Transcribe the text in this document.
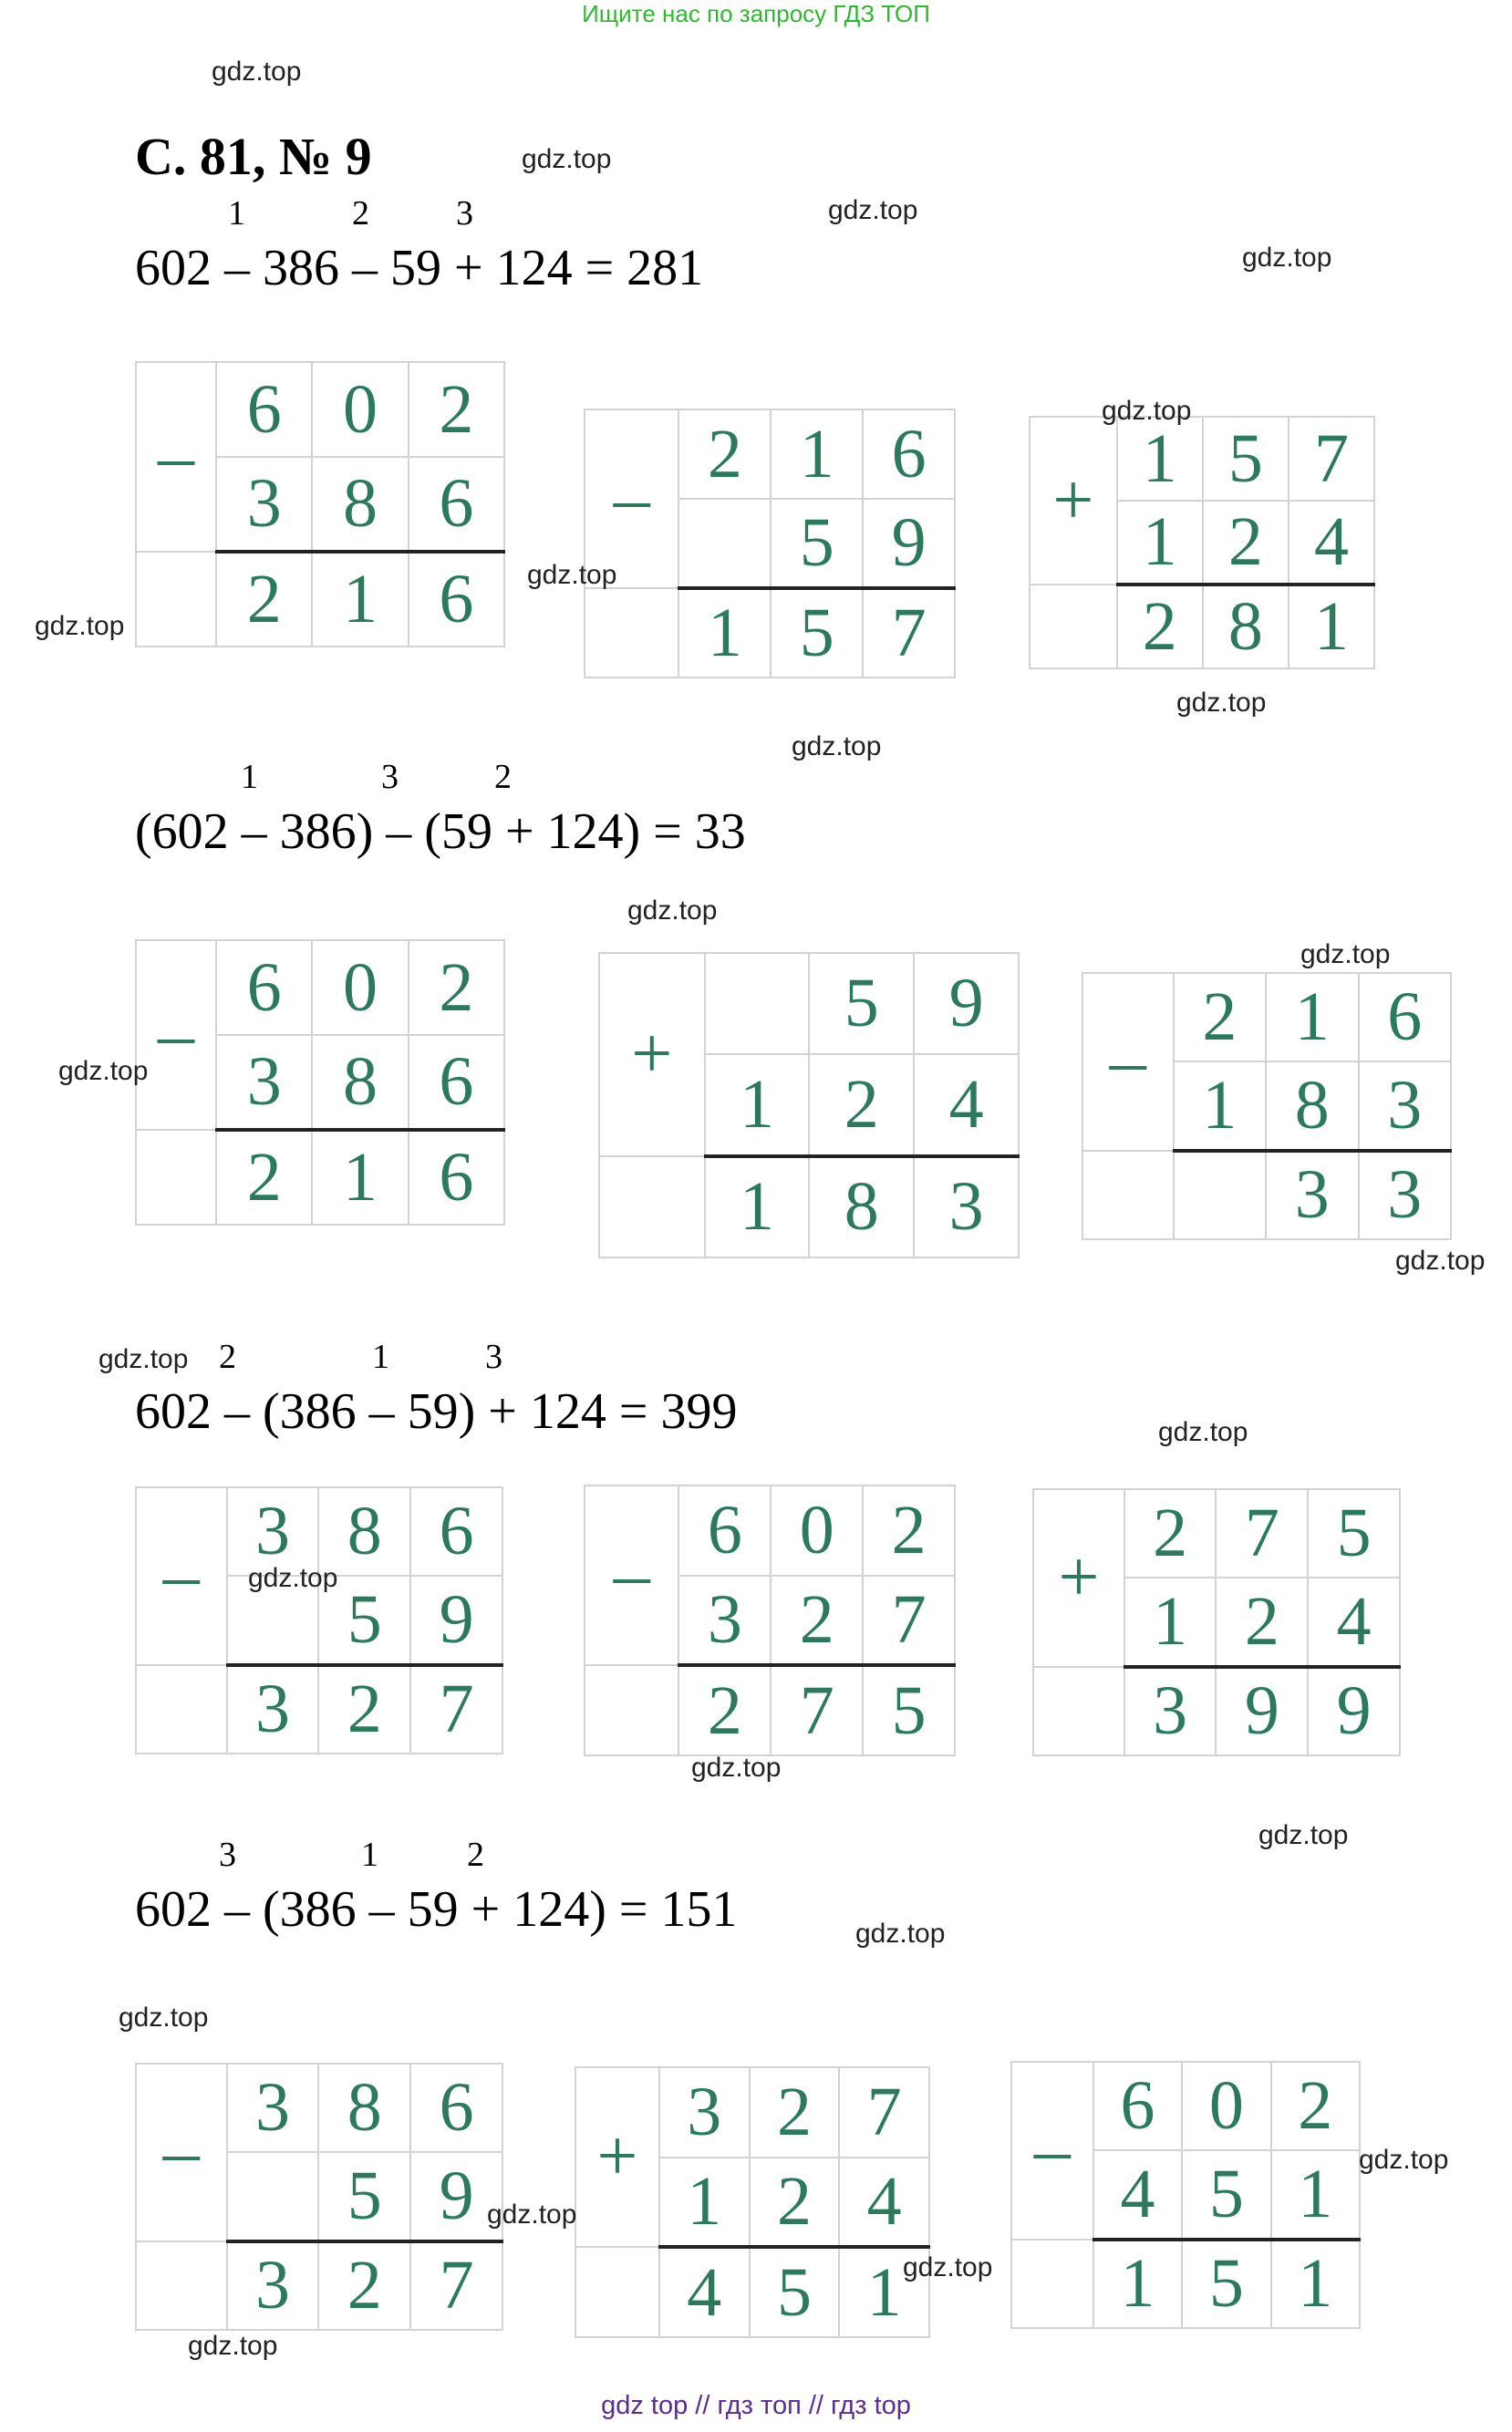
Ищите нас по запросу ГДЗ ТОП
С. 81, № 9
1	2	3
602 – 386 – 59 + 124 = 281
1	3	2
(602 – 386) – (59 + 124) = 33
2	1	3
602 – (386 – 59) + 124 = 399
3	1	2
602 – (386 – 59 + 124) = 151
–	6	0	2
	3	8	6
	2	1	6
–	2	1	6
		5	9
	1	5	7
+	1	5	7
	1	2	4
	2	8	1
–	6	0	2
	3	8	6
	2	1	6
+		5	9
	1	2	4
	1	8	3
–	2	1	6
	1	8	3
		3	3
–	3	8	6
		5	9
	3	2	7
–	6	0	2
	3	2	7
	2	7	5
+	2	7	5
	1	2	4
	3	9	9
–	3	8	6
		5	9
	3	2	7
+	3	2	7
	1	2	4
	4	5	1
–	6	0	2
	4	5	1
	1	5	1
gdz.top
gdz.top
gdz.top
gdz.top
gdz.top
gdz.top
gdz.top
gdz.top
gdz.top
gdz.top
gdz.top
gdz.top
gdz.top
gdz.top
gdz.top
gdz.top
gdz.top
gdz.top
gdz.top
gdz.top
gdz.top
gdz.top
gdz.top
gdz.top
gdz top // гдз топ // гдз top
